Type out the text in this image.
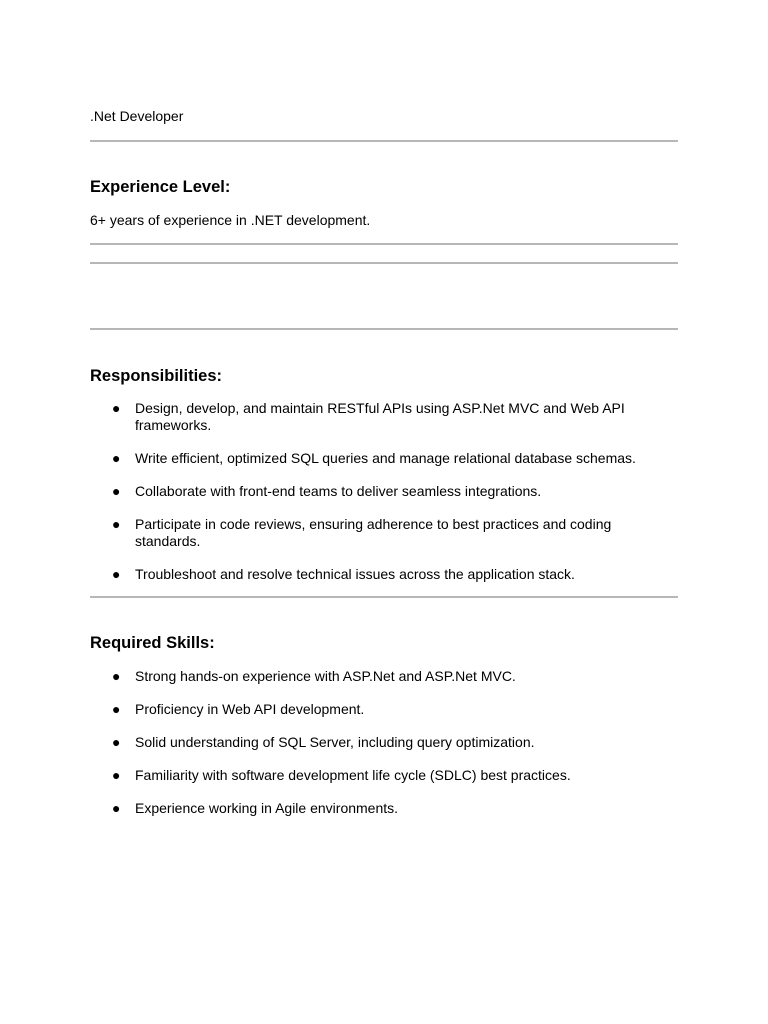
.Net Developer
Experience Level:
6+ years of experience in .NET development.
Responsibilities:
● Design, develop, and maintain RESTful APIs using ASP.Net MVC and Web API frameworks.
● Write efficient, optimized SQL queries and manage relational database schemas.
● Collaborate with front-end teams to deliver seamless integrations.
● Participate in code reviews, ensuring adherence to best practices and coding standards.
● Troubleshoot and resolve technical issues across the application stack.
Required Skills:
● Strong hands-on experience with ASP.Net and ASP.Net MVC.
● Proficiency in Web API development.
● Solid understanding of SQL Server, including query optimization.
● Familiarity with software development life cycle (SDLC) best practices.
● Experience working in Agile environments.
